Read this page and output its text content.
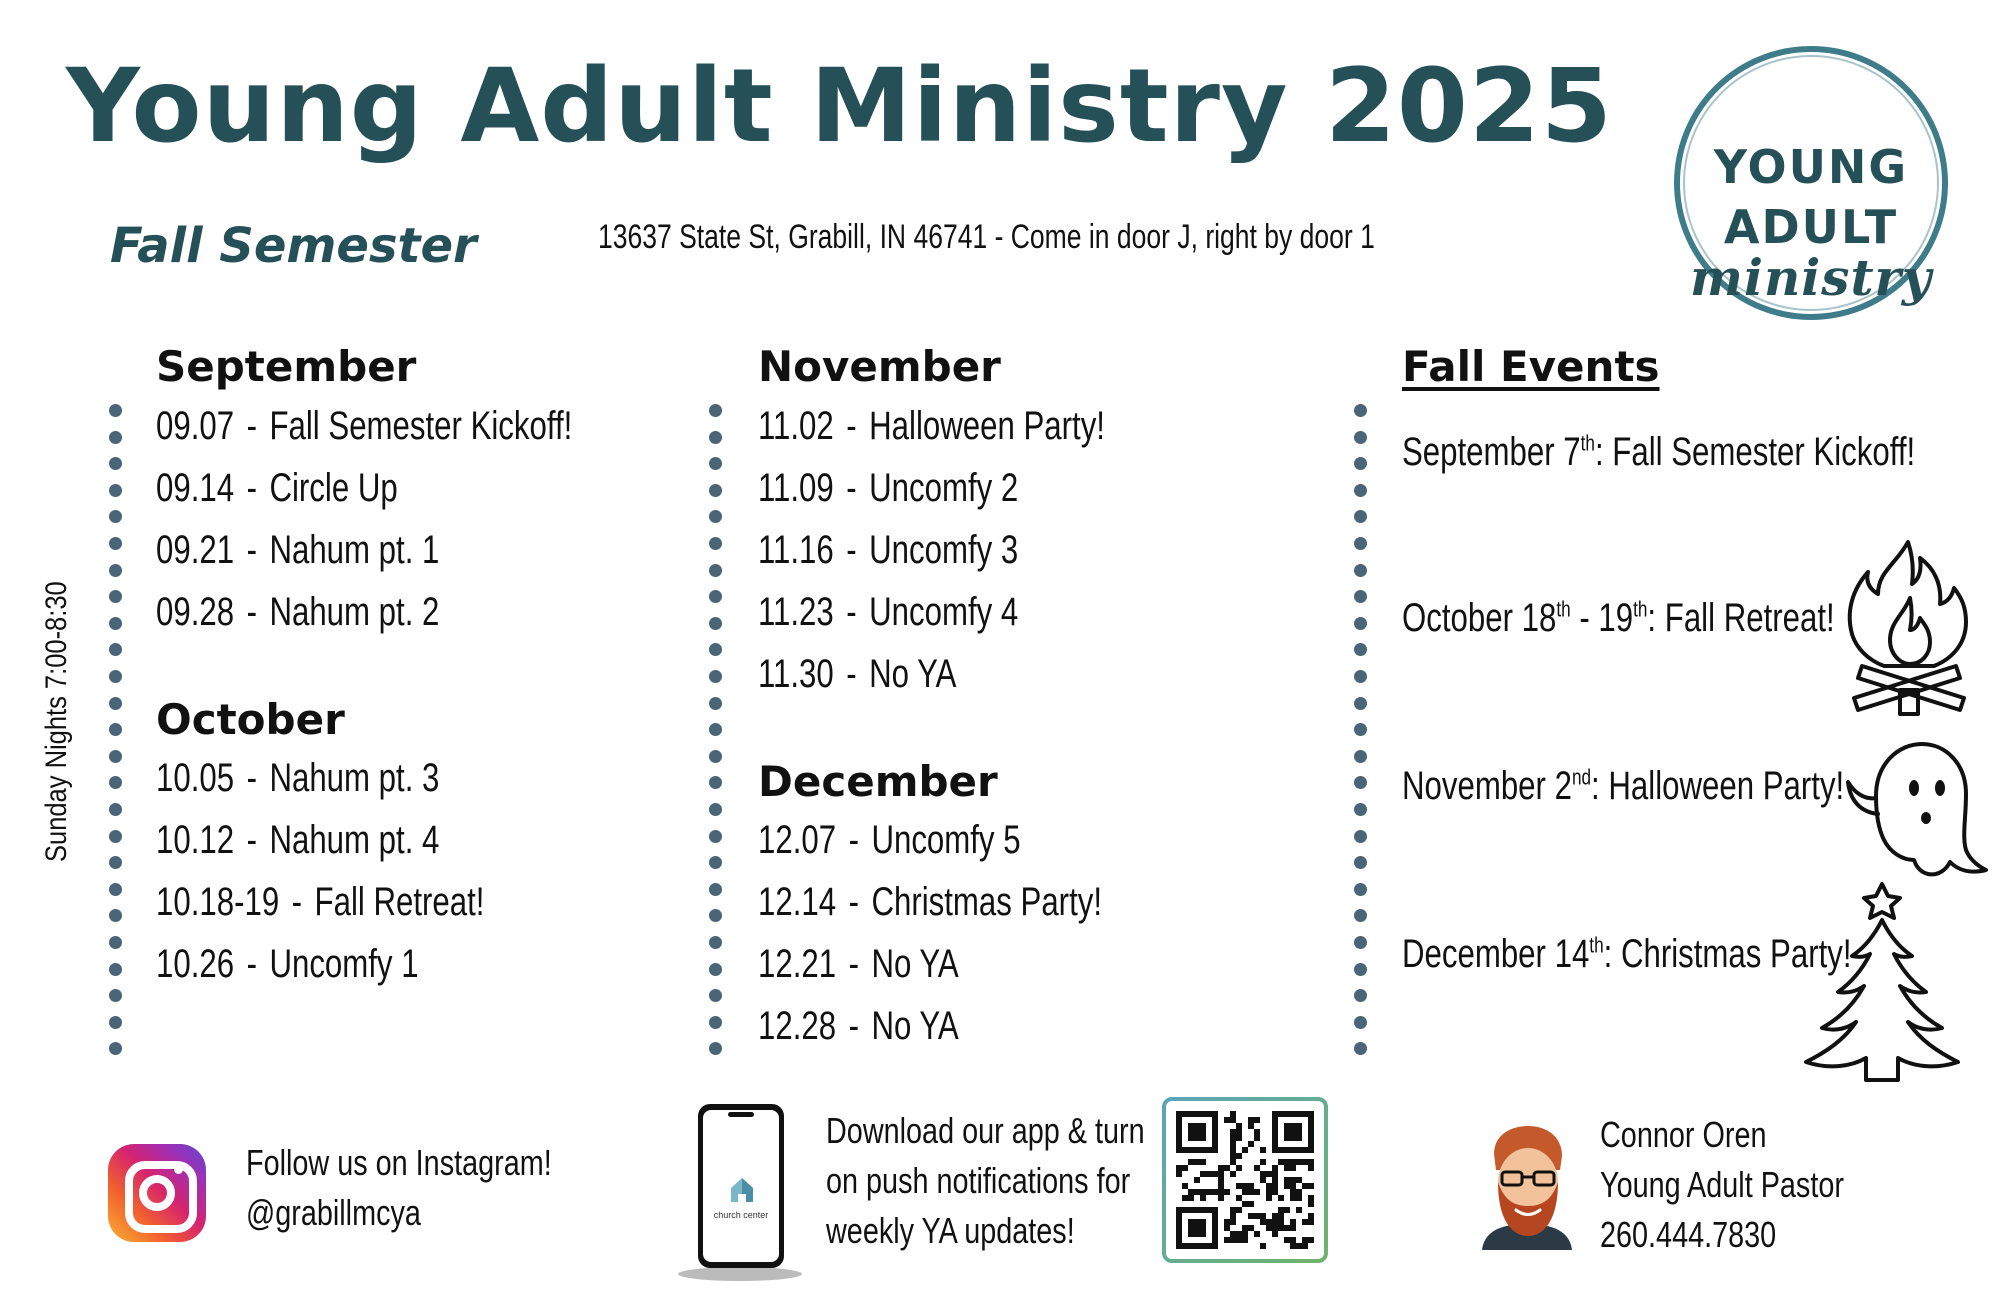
Young Adult Ministry 2025
Fall Semester	13637 State St, Grabill, IN 46741 - Come in door J, right by door 1
YOUNG
ADULT
ministry
Sunday Nights 7:00-8:30
September
09.07 - Fall Semester Kickoff!
09.14 - Circle Up
09.21 - Nahum pt. 1
09.28 - Nahum pt. 2
October
10.05 - Nahum pt. 3
10.12 - Nahum pt. 4
10.18-19 - Fall Retreat!
10.26 - Uncomfy 1
November
11.02 - Halloween Party!
11.09 - Uncomfy 2
11.16 - Uncomfy 3
11.23 - Uncomfy 4
11.30 - No YA
December
12.07 - Uncomfy 5
12.14 - Christmas Party!
12.21 - No YA
12.28 - No YA
Fall Events
September 7th: Fall Semester Kickoff!
October 18th - 19th: Fall Retreat!
November 2nd: Halloween Party!
December 14th: Christmas Party!
Follow us on Instagram!
@grabillmcya	church center
Download our app & turn
on push notifications for
weekly YA updates!
Connor Oren
Young Adult Pastor
260.444.7830
